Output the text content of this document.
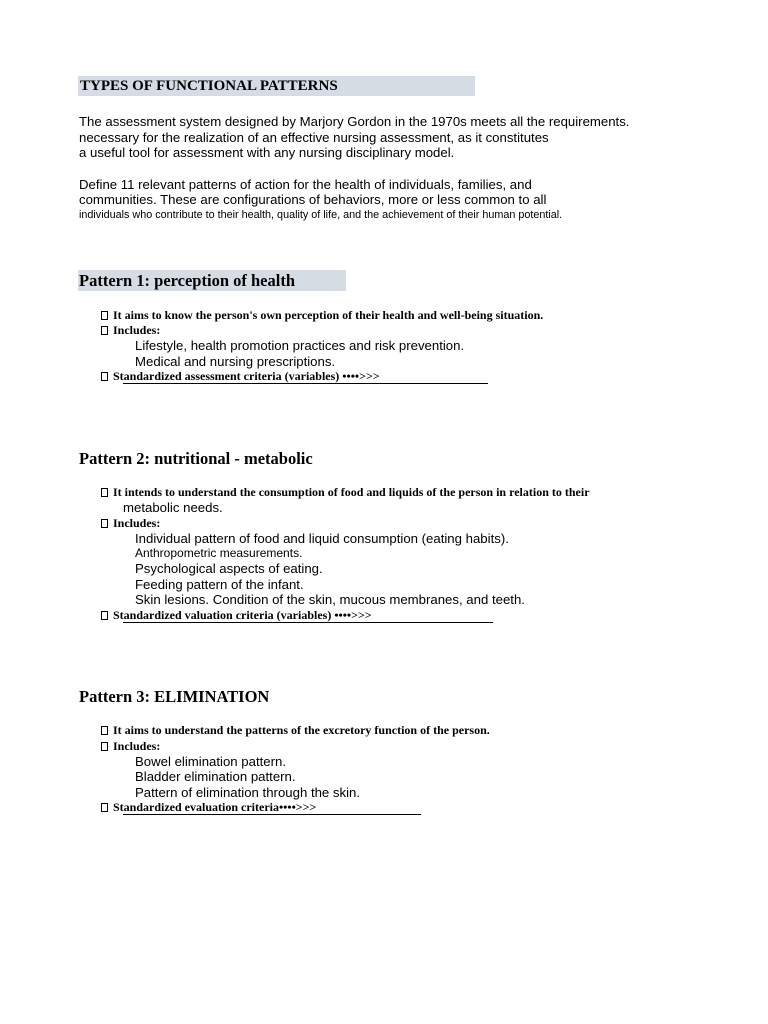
TYPES OF FUNCTIONAL PATTERNS
The assessment system designed by Marjory Gordon in the 1970s meets all the requirements.
necessary for the realization of an effective nursing assessment, as it constitutes
a useful tool for assessment with any nursing disciplinary model.
Define 11 relevant patterns of action for the health of individuals, families, and
communities. These are configurations of behaviors, more or less common to all
individuals who contribute to their health, quality of life, and the achievement of their human potential.
Pattern 1: perception of health
It aims to know the person's own perception of their health and well-being situation.
Includes:
Lifestyle, health promotion practices and risk prevention.
Medical and nursing prescriptions.
Standardized assessment criteria (variables) ••••>>>
Pattern 2: nutritional - metabolic
It intends to understand the consumption of food and liquids of the person in relation to their
metabolic needs.
Includes:
Individual pattern of food and liquid consumption (eating habits).
Anthropometric measurements.
Psychological aspects of eating.
Feeding pattern of the infant.
Skin lesions. Condition of the skin, mucous membranes, and teeth.
Standardized valuation criteria (variables) ••••>>>
Pattern 3: ELIMINATION
It aims to understand the patterns of the excretory function of the person.
Includes:
Bowel elimination pattern.
Bladder elimination pattern.
Pattern of elimination through the skin.
Standardized evaluation criteria••••>>>
